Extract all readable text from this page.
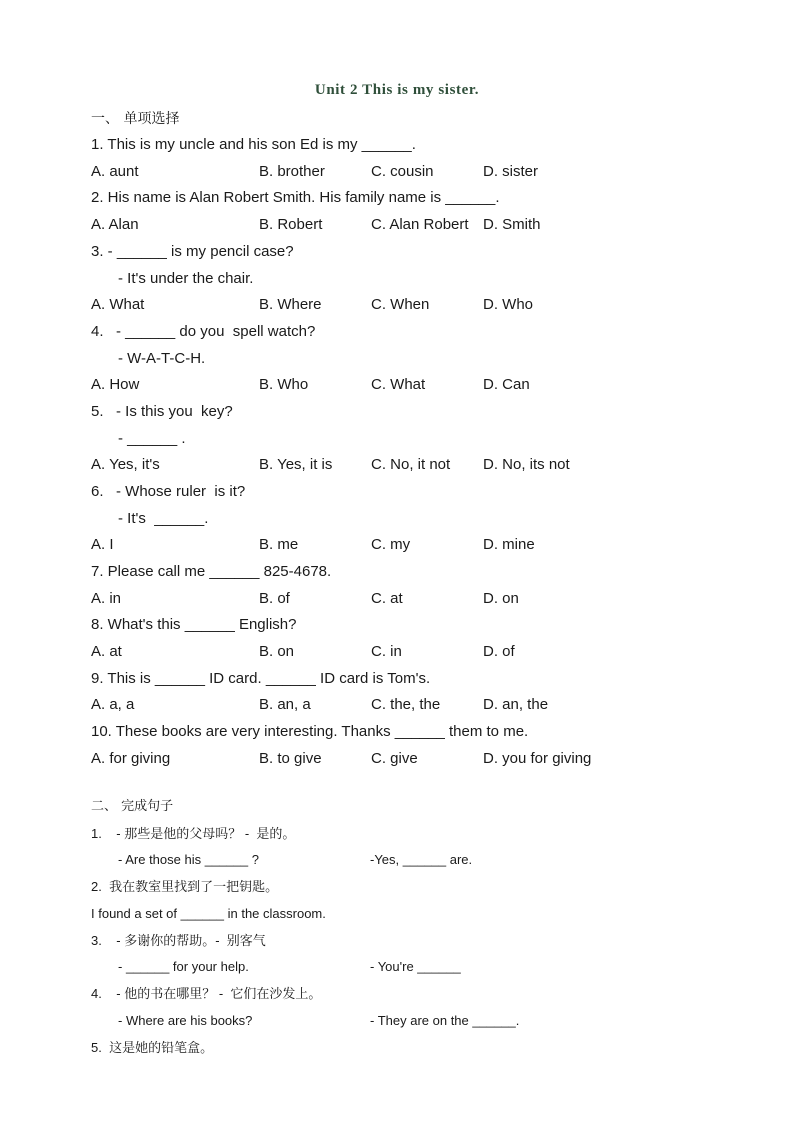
Unit 2 This is my sister.
一、 单项选择
1. This is my uncle and his son Ed is my ______.
A. aunt	B. brother	C. cousin	D. sister
2. His name is Alan Robert Smith. His family name is ______.
A. Alan	B. Robert	C. Alan Robert D. Smith
3. - ______ is my pencil case?
- It's under the chair.
A. What	B. Where	C. When	D. Who
4.   - ______ do you  spell watch?
- W-A-T-C-H.
A. How	B. Who	C. What	D. Can
5.   - Is this you  key?
- ______ .
A. Yes, it's	B. Yes, it is	C. No, it not D. No, its not
6.   - Whose ruler  is it?
- It's  ______.
A. I	B. me	C. my	D. mine
7. Please call me ______ 825-4678.
A. in	B. of	C. at	D. on
8. What's this ______ English?
A. at	B. on	C. in	D. of
9. This is ______ ID card. ______ ID card is Tom's.
A. a, a	B. an, a	C. the, the	D. an, the
10. These books are very interesting. Thanks ______ them to me.
A. for giving	B. to give	C. give	D. you for giving
二、 完成句子
1.    - 那些是他的父母吗？ -  是的。
- Are those his ______ ?	-Yes, ______ are.
2.  我在教室里找到了一把钥匙。
I found a set of ______ in the classroom.
3.    - 多谢你的帮助。-  别客气
- ______ for your help.	- You're ______
4.    - 他的书在哪里？ -  它们在沙发上。
- Where are his books?	- They are on the ______.
5.  这是她的铅笔盒。
